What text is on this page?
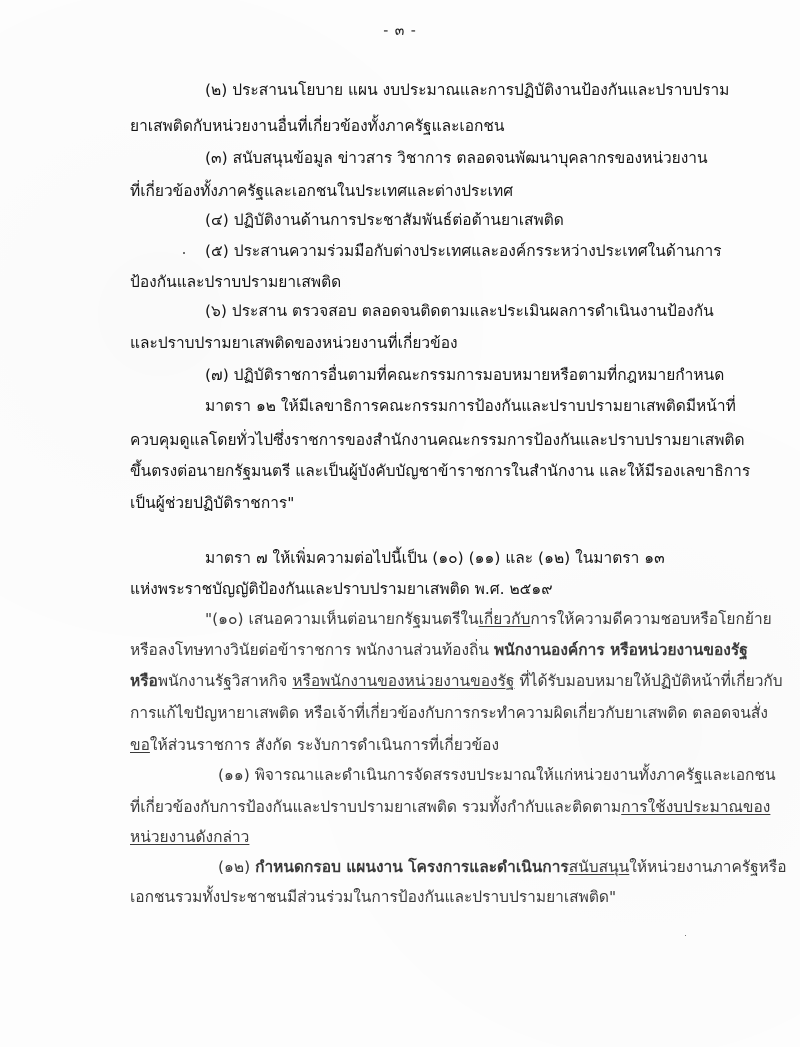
- ๓ -
(๒) ประสานนโยบาย แผน งบประมาณและการปฏิบัติงานป้องกันและปราบปราม
ยาเสพติดกับหน่วยงานอื่นที่เกี่ยวข้องทั้งภาครัฐและเอกชน
(๓) สนับสนุนข้อมูล ข่าวสาร วิชาการ ตลอดจนพัฒนาบุคลากรของหน่วยงาน
ที่เกี่ยวข้องทั้งภาครัฐและเอกชนในประเทศและต่างประเทศ
(๔) ปฏิบัติงานด้านการประชาสัมพันธ์ต่อต้านยาเสพติด
(๕) ประสานความร่วมมือกับต่างประเทศและองค์กรระหว่างประเทศในด้านการ
ป้องกันและปราบปรามยาเสพติด
(๖) ประสาน ตรวจสอบ ตลอดจนติดตามและประเมินผลการดำเนินงานป้องกัน
และปราบปรามยาเสพติดของหน่วยงานที่เกี่ยวข้อง
(๗) ปฏิบัติราชการอื่นตามที่คณะกรรมการมอบหมายหรือตามที่กฎหมายกำหนด
มาตรา ๑๒ ให้มีเลขาธิการคณะกรรมการป้องกันและปราบปรามยาเสพติดมีหน้าที่
ควบคุมดูแลโดยทั่วไปซึ่งราชการของสำนักงานคณะกรรมการป้องกันและปราบปรามยาเสพติด
ขึ้นตรงต่อนายกรัฐมนตรี และเป็นผู้บังคับบัญชาข้าราชการในสำนักงาน และให้มีรองเลขาธิการ
เป็นผู้ช่วยปฏิบัติราชการ"
มาตรา ๗ ให้เพิ่มความต่อไปนี้เป็น (๑๐) (๑๑) และ (๑๒) ในมาตรา ๑๓
แห่งพระราชบัญญัติป้องกันและปราบปรามยาเสพติด พ.ศ. ๒๕๑๙
"(๑๐) เสนอความเห็นต่อนายกรัฐมนตรีในเกี่ยวกับการให้ความดีความชอบหรือโยกย้าย
หรือลงโทษทางวินัยต่อข้าราชการ พนักงานส่วนท้องถิ่น พนักงานองค์การ หรือหน่วยงานของรัฐ
หรือพนักงานรัฐวิสาหกิจ หรือพนักงานของหน่วยงานของรัฐ ที่ได้รับมอบหมายให้ปฏิบัติหน้าที่เกี่ยวกับ
การแก้ไขปัญหายาเสพติด หรือเจ้าที่เกี่ยวข้องกับการกระทำความผิดเกี่ยวกับยาเสพติด ตลอดจนสั่ง
ขอให้ส่วนราชการ สังกัด ระงับการดำเนินการที่เกี่ยวข้อง
(๑๑) พิจารณาและดำเนินการจัดสรรงบประมาณให้แก่หน่วยงานทั้งภาครัฐและเอกชน
ที่เกี่ยวข้องกับการป้องกันและปราบปรามยาเสพติด รวมทั้งกำกับและติดตามการใช้งบประมาณของ
หน่วยงานดังกล่าว
(๑๒) กำหนดกรอบ แผนงาน โครงการและดำเนินการสนับสนุนให้หน่วยงานภาครัฐหรือ
เอกชนรวมทั้งประชาชนมีส่วนร่วมในการป้องกันและปราบปรามยาเสพติด"
